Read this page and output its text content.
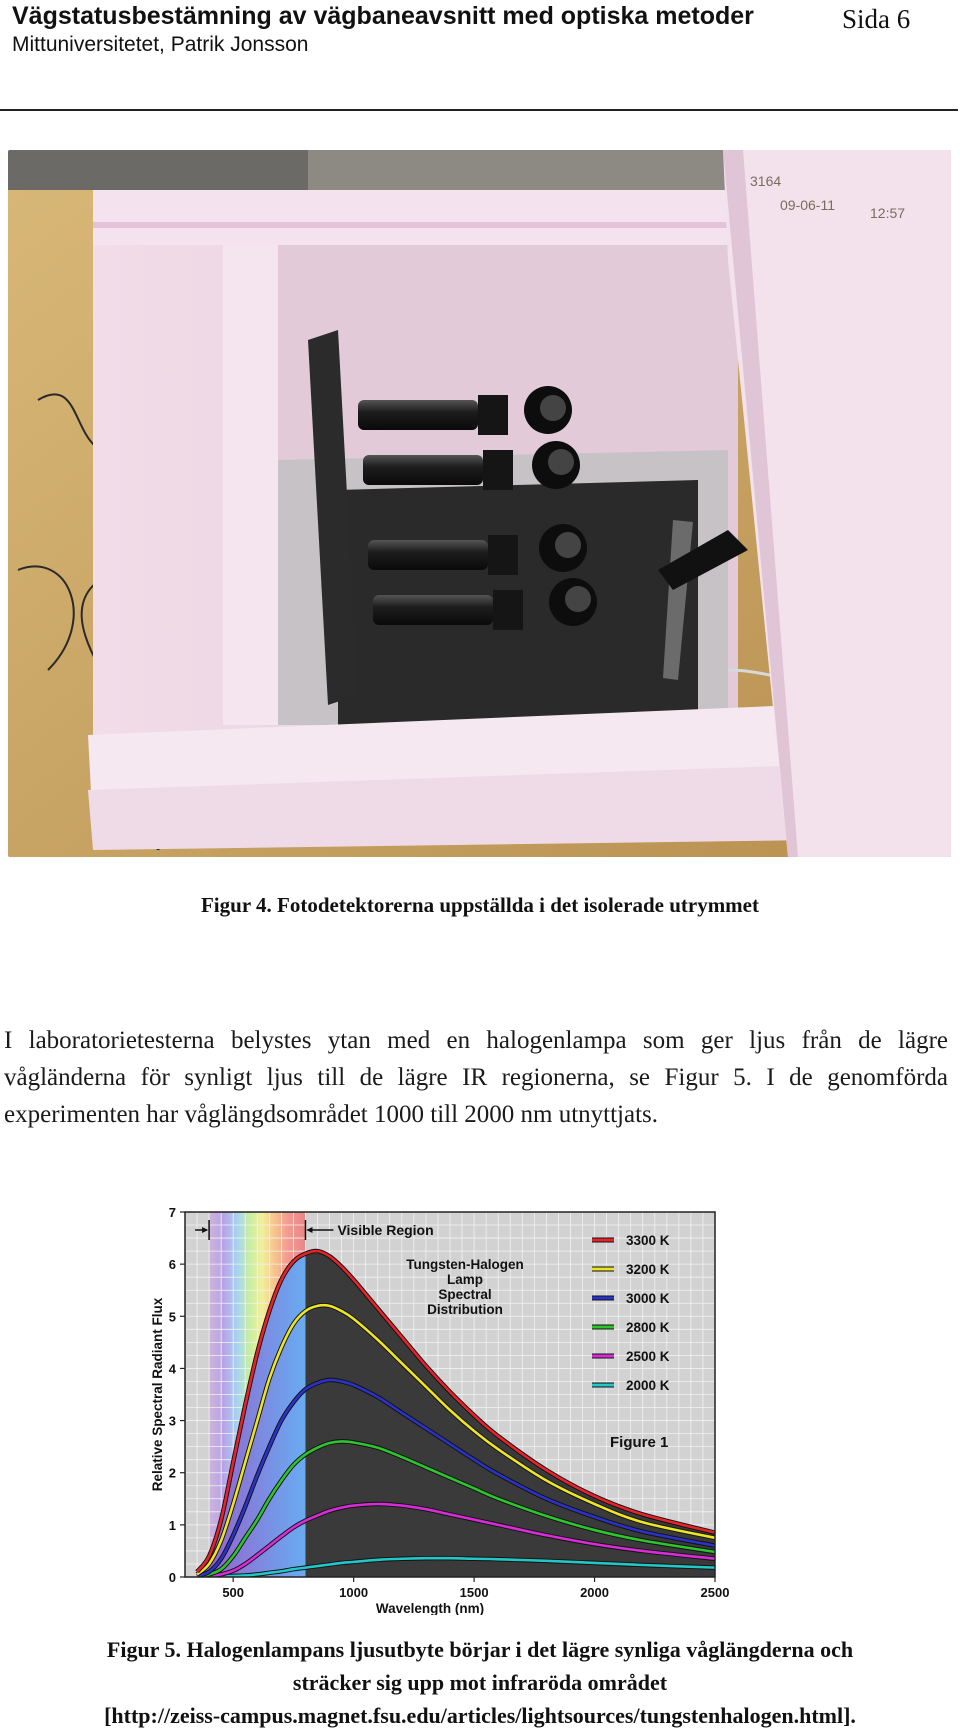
Vägstatusbestämning av vägbaneavsnitt med optiska metoder
Mittuniversitetet, Patrik Jonsson
Sida 6
3164
09-06-11 12:57
Figur 4. Fotodetektorerna uppställda i det isolerade utrymmet
I laboratorietesterna belystes ytan med en halogenlampa som ger ljus från de lägre vågländerna för synligt ljus till de lägre IR regionerna, se Figur 5. I de genomförda experimenten har våglängdsområdet 1000 till 2000 nm utnyttjats.
Visible Region
Tungsten-Halogen
Lamp
Spectral
Distribution
3300 K
3200 K
3000 K
2800 K
2500 K
2000 K
Figure 1
0
1
2
3
4
5
6
7
500	1000	1500	2000	2500
Wavelength (nm)
Relative Spectral Radiant Flux
Figur 5. Halogenlampans ljusutbyte börjar i det lägre synliga våglängderna och
sträcker sig upp mot infraröda området
[http://zeiss-campus.magnet.fsu.edu/articles/lightsources/tungstenhalogen.html].
